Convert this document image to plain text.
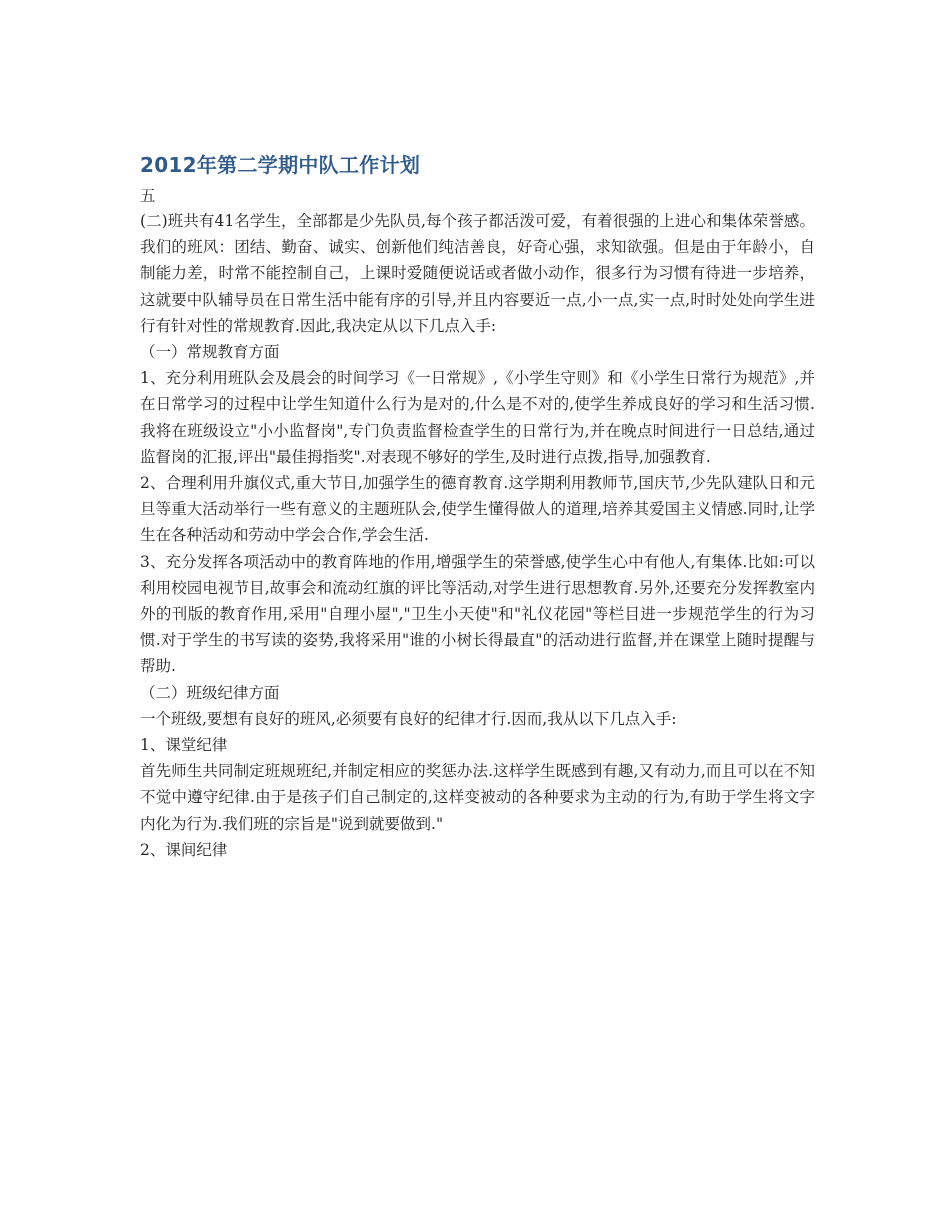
2012年第二学期中队工作计划
五

(二)班共有41名学生，全部都是少先队员,每个孩子都活泼可爱，有着很强的上进心和集体荣誉感。我们的班风：团结、勤奋、诚实、创新他们纯洁善良，好奇心强，求知欲强。但是由于年龄小，自制能力差，时常不能控制自己，上课时爱随便说话或者做小动作，很多行为习惯有待进一步培养，这就要中队辅导员在日常生活中能有序的引导,并且内容要近一点,小一点,实一点,时时处处向学生进行有针对性的常规教育.因此,我决定从以下几点入手:

（一）常规教育方面

1、充分利用班队会及晨会的时间学习《一日常规》,《小学生守则》和《小学生日常行为规范》,并在日常学习的过程中让学生知道什么行为是对的,什么是不对的,使学生养成良好的学习和生活习惯.我将在班级设立"小小监督岗",专门负责监督检查学生的日常行为,并在晚点时间进行一日总结,通过监督岗的汇报,评出"最佳拇指奖".对表现不够好的学生,及时进行点拨,指导,加强教育.

2、合理利用升旗仪式,重大节日,加强学生的德育教育.这学期利用教师节,国庆节,少先队建队日和元旦等重大活动举行一些有意义的主题班队会,使学生懂得做人的道理,培养其爱国主义情感.同时,让学生在各种活动和劳动中学会合作,学会生活.

3、充分发挥各项活动中的教育阵地的作用,增强学生的荣誉感,使学生心中有他人,有集体.比如:可以利用校园电视节目,故事会和流动红旗的评比等活动,对学生进行思想教育.另外,还要充分发挥教室内外的刊版的教育作用,采用"自理小屋","卫生小天使"和"礼仪花园"等栏目进一步规范学生的行为习惯.对于学生的书写读的姿势,我将采用"谁的小树长得最直"的活动进行监督,并在课堂上随时提醒与帮助.

（二）班级纪律方面

一个班级,要想有良好的班风,必须要有良好的纪律才行.因而,我从以下几点入手:

1、课堂纪律

首先师生共同制定班规班纪,并制定相应的奖惩办法.这样学生既感到有趣,又有动力,而且可以在不知不觉中遵守纪律.由于是孩子们自己制定的,这样变被动的各种要求为主动的行为,有助于学生将文字内化为行为.我们班的宗旨是"说到就要做到."

2、课间纪律
